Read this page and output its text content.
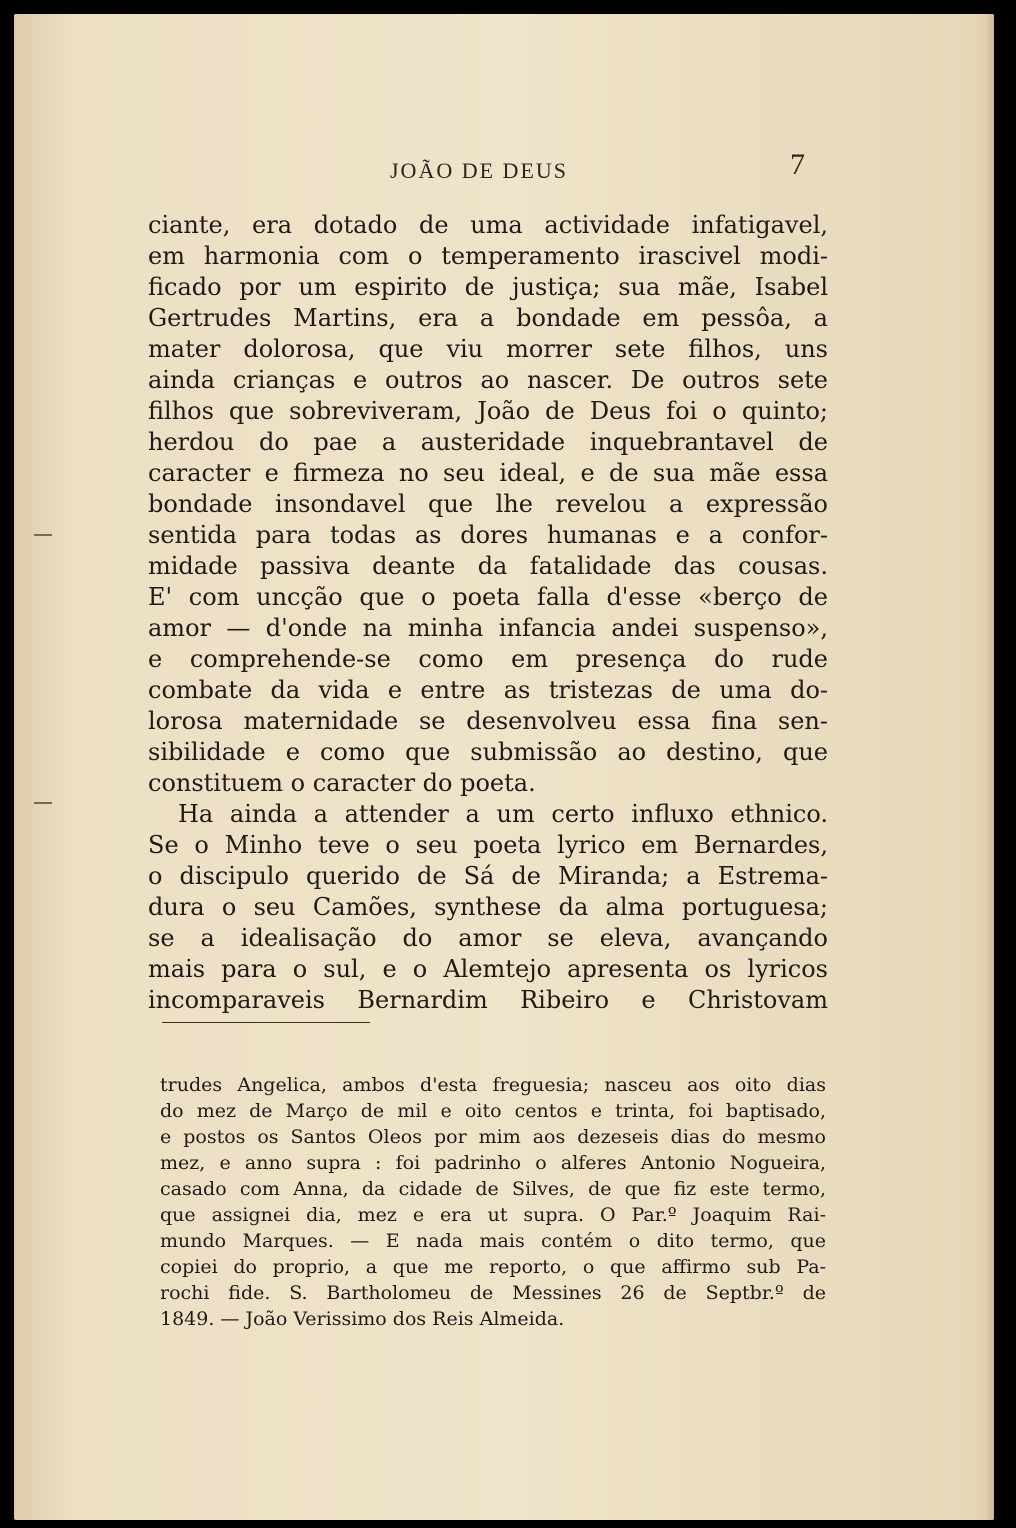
JOÃO DE DEUS	7
ciante, era dotado de uma actividade infatigavel,
em harmonia com o temperamento irascivel modi-
ficado por um espirito de justiça; sua mãe, Isabel
Gertrudes Martins, era a bondade em pessôa, a
mater dolorosa, que viu morrer sete filhos, uns
ainda crianças e outros ao nascer. De outros sete
filhos que sobreviveram, João de Deus foi o quinto;
herdou do pae a austeridade inquebrantavel de
caracter e firmeza no seu ideal, e de sua mãe essa
bondade insondavel que lhe revelou a expressão
sentida para todas as dores humanas e a confor-
midade passiva deante da fatalidade das cousas.
E' com uncção que o poeta falla d'esse «berço de
amor — d'onde na minha infancia andei suspenso»,
e comprehende-se como em presença do rude
combate da vida e entre as tristezas de uma do-
lorosa maternidade se desenvolveu essa fina sen-
sibilidade e como que submissão ao destino, que
constituem o caracter do poeta.
Ha ainda a attender a um certo influxo ethnico.
Se o Minho teve o seu poeta lyrico em Bernardes,
o discipulo querido de Sá de Miranda; a Estrema-
dura o seu Camões, synthese da alma portuguesa;
se a idealisação do amor se eleva, avançando
mais para o sul, e o Alemtejo apresenta os lyricos
incomparaveis Bernardim Ribeiro e Christovam
trudes Angelica, ambos d'esta freguesia; nasceu aos oito dias
do mez de Março de mil e oito centos e trinta, foi baptisado,
e postos os Santos Oleos por mim aos dezeseis dias do mesmo
mez, e anno supra : foi padrinho o alferes Antonio Nogueira,
casado com Anna, da cidade de Silves, de que fiz este termo,
que assignei dia, mez e era ut supra. O Par.º Joaquim Rai-
mundo Marques. — E nada mais contém o dito termo, que
copiei do proprio, a que me reporto, o que affirmo sub Pa-
rochi fide. S. Bartholomeu de Messines 26 de Septbr.º de
1849. — João Verissimo dos Reis Almeida.
